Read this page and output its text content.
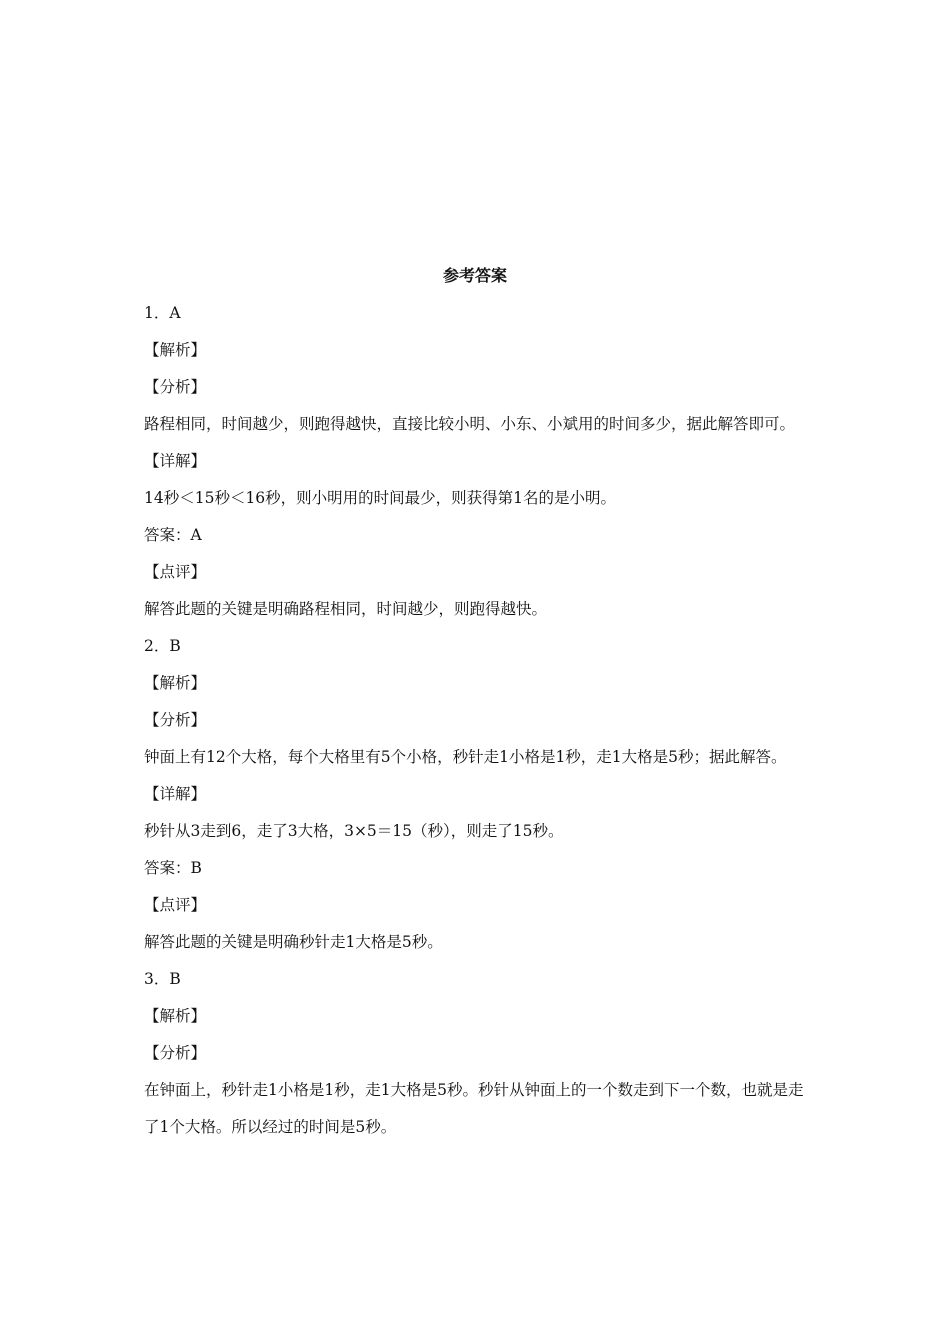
参考答案
1．A
【解析】
【分析】
路程相同，时间越少，则跑得越快，直接比较小明、小东、小斌用的时间多少，据此解答即可。
【详解】
14秒＜15秒＜16秒，则小明用的时间最少，则获得第1名的是小明。
答案：A
【点评】
解答此题的关键是明确路程相同，时间越少，则跑得越快。
2．B
【解析】
【分析】
钟面上有12个大格，每个大格里有5个小格，秒针走1小格是1秒，走1大格是5秒；据此解答。
【详解】
秒针从3走到6，走了3大格，3×5＝15（秒），则走了15秒。
答案：B
【点评】
解答此题的关键是明确秒针走1大格是5秒。
3．B
【解析】
【分析】
在钟面上，秒针走1小格是1秒，走1大格是5秒。秒针从钟面上的一个数走到下一个数，也就是走了1个大格。所以经过的时间是5秒。
